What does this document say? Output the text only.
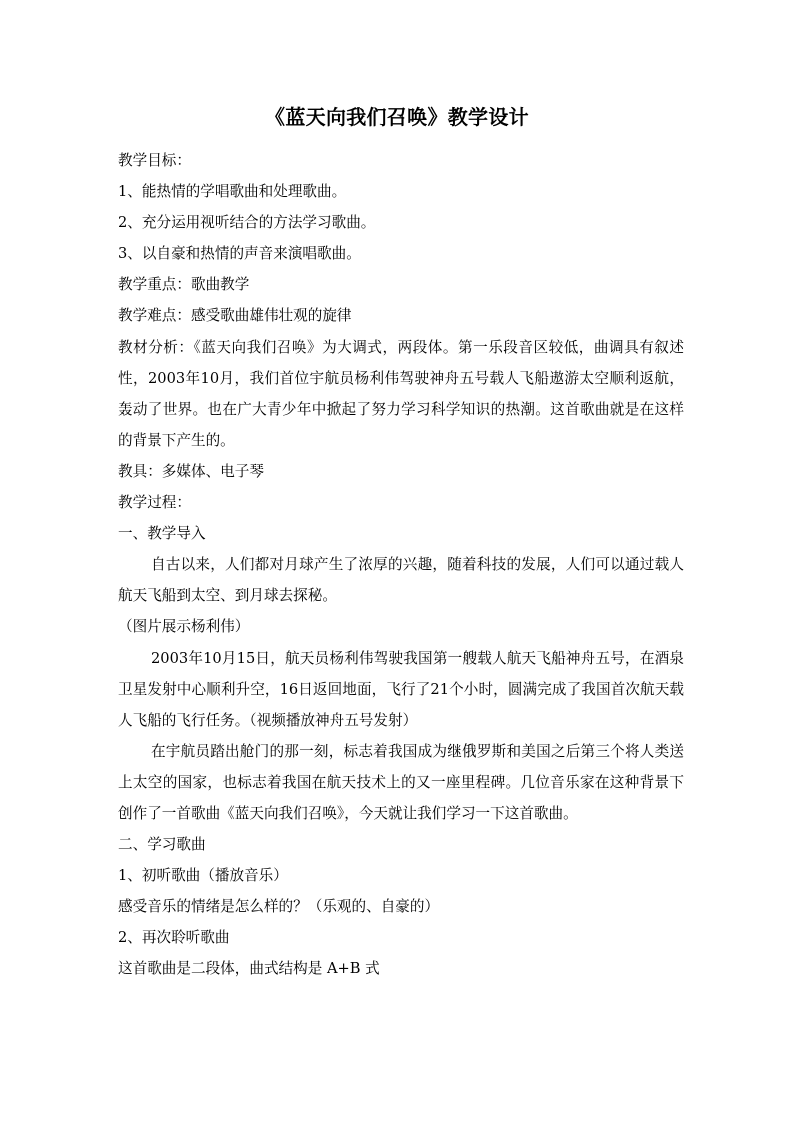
《蓝天向我们召唤》教学设计

教学目标：

1、能热情的学唱歌曲和处理歌曲。

2、充分运用视听结合的方法学习歌曲。

3、以自豪和热情的声音来演唱歌曲。

教学重点：歌曲教学

教学难点：感受歌曲雄伟壮观的旋律

教材分析：《蓝天向我们召唤》为大调式，两段体。第一乐段音区较低，曲调具有叙述性，2003年10月，我们首位宇航员杨利伟驾驶神舟五号载人飞船遨游太空顺利返航，轰动了世界。也在广大青少年中掀起了努力学习科学知识的热潮。这首歌曲就是在这样的背景下产生的。

教具：多媒体、电子琴

教学过程：

一、教学导入

自古以来，人们都对月球产生了浓厚的兴趣，随着科技的发展，人们可以通过载人航天飞船到太空、到月球去探秘。

（图片展示杨利伟）

2003年10月15日，航天员杨利伟驾驶我国第一艘载人航天飞船神舟五号，在酒泉卫星发射中心顺利升空，16日返回地面，飞行了21个小时，圆满完成了我国首次航天载人飞船的飞行任务。（视频播放神舟五号发射）

在宇航员踏出舱门的那一刻，标志着我国成为继俄罗斯和美国之后第三个将人类送上太空的国家，也标志着我国在航天技术上的又一座里程碑。几位音乐家在这种背景下创作了一首歌曲《蓝天向我们召唤》，今天就让我们学习一下这首歌曲。

二、学习歌曲

1、初听歌曲（播放音乐）

感受音乐的情绪是怎么样的？（乐观的、自豪的）

2、再次聆听歌曲

这首歌曲是二段体，曲式结构是 A+B 式
